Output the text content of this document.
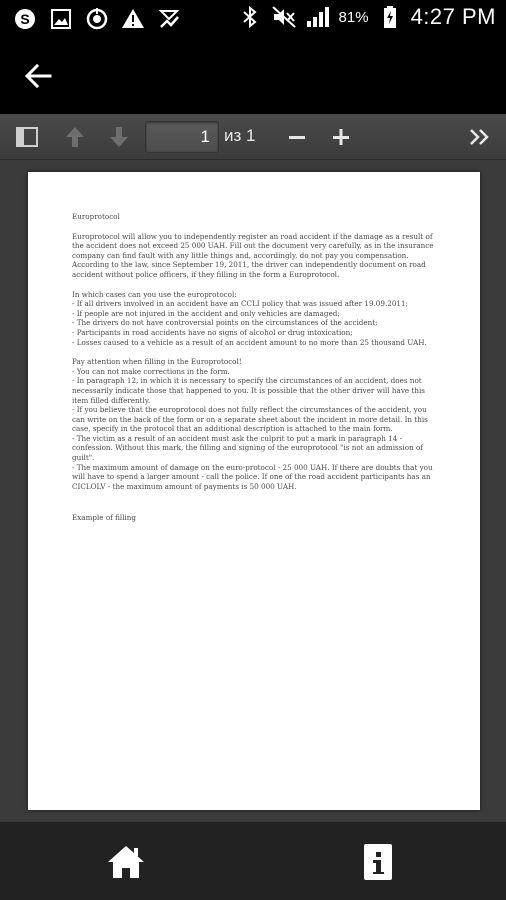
S	81% 4:27 PM
1 из 1

Europrotocol

Europrotocol will allow you to independently register an road accident if the damage as a result of the accident does not exceed 25 000 UAH. Fill out the document very carefully, as in the insurance company can find fault with any little things and, accordingly, do not pay you compensation. According to the law, since September 19, 2011, the driver can independently document on road accident without police officers, if they filling in the form a Europrotocol.

In which cases can you use the europrotocol:

- If all drivers involved in an accident have an CCLI policy that was issued after 19.09.2011;

- If people are not injured in the accident and only vehicles are damaged;

- The drivers do not have controversial points on the circumstances of the accident;

- Participants in road accidents have no signs of alcohol or drug intoxication;

- Losses caused to a vehicle as a result of an accident amount to no more than 25 thousand UAH.

Pay attention when filling in the Europrotocol!

- You can not make corrections in the form.

- In paragraph 12, in which it is necessary to specify the circumstances of an accident, does not necessarily indicate those that happened to you. It is possible that the other driver will have this item filled differently.

- If you believe that the europrotocol does not fully reflect the circumstances of the accident, you can write on the back of the form or on a separate sheet about the incident in more detail. In this case, specify in the protocol that an additional description is attached to the main form.

- The victim as a result of an accident must ask the culprit to put a mark in paragraph 14 - confession. Without this mark, the filling and signing of the europrotocol "is not an admission of guilt".

- The maximum amount of damage on the euro-protocol - 25 000 UAH. If there are doubts that you will have to spend a larger amount - call the police. If one of the road accident participants has an CICLOLV - the maximum amount of payments is 50 000 UAH.

Example of filling
